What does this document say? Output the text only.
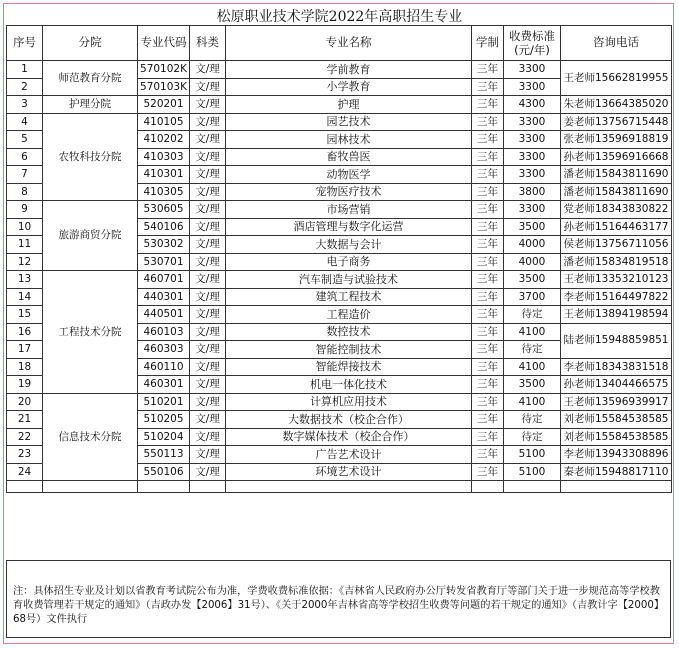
松原职业技术学院2022年高职招生专业
序号	分院	专业代码	科类	专业名称	学制	收费标准
(元/年)	咨询电话
1	师范教育分院	570102K	文/理	学前教育	三年	3300	王老师15662819955
2		570103K	文/理	小学教育	三年	3300	
3	护理分院	520201	文/理	护理	三年	4300	朱老师13664385020
4	农牧科技分院	410105	文/理	园艺技术	三年	3300	姜老师13756715448
5		410202	文/理	园林技术	三年	3300	张老师13596918819
6		410303	文/理	畜牧兽医	三年	3300	孙老师13596916668
7		410301	文/理	动物医学	三年	3300	潘老师15843811690
8		410305	文/理	宠物医疗技术	三年	3800	潘老师15843811690
9	旅游商贸分院	530605	文/理	市场营销	三年	3300	党老师18343830822
10		540106	文/理	酒店管理与数字化运营	三年	3500	孙老师15164463177
11		530302	文/理	大数据与会计	三年	4000	侯老师13756711056
12		530701	文/理	电子商务	三年	4000	潘老师15834819518
13	工程技术分院	460701	文/理	汽车制造与试验技术	三年	3500	王老师13353210123
14		440301	文/理	建筑工程技术	三年	3700	李老师15164497822
15		440501	文/理	工程造价	三年	待定	王老师13894198594
16		460103	文/理	数控技术	三年	4100	陆老师15948859851
17		460303	文/理	智能控制技术	三年	待定	
18		460110	文/理	智能焊接技术	三年	4100	李老师18343831518
19		460301	文/理	机电一体化技术	三年	3500	孙老师13404466575
20	信息技术分院	510201	文/理	计算机应用技术	三年	4100	王老师13596939917
21		510205	文/理	大数据技术（校企合作）	三年	待定	刘老师15584538585
22		510204	文/理	数字媒体技术（校企合作）	三年	待定	刘老师15584538585
23		550113	文/理	广告艺术设计	三年	5100	李老师13943308896
24		550106	文/理	环境艺术设计	三年	5100	秦老师15948817110

注：具体招生专业及计划以省教育考试院公布为准，学费收费标准依据：《吉林省人民政府办公厅转发省教育厅等部门关于进一步规范高等学校教育收费管理若干规定的通知》（吉政办发【2006】31号）、《关于2000年吉林省高等学校招生收费等问题的若干规定的通知》（吉教计字【2000】68号）文件执行
